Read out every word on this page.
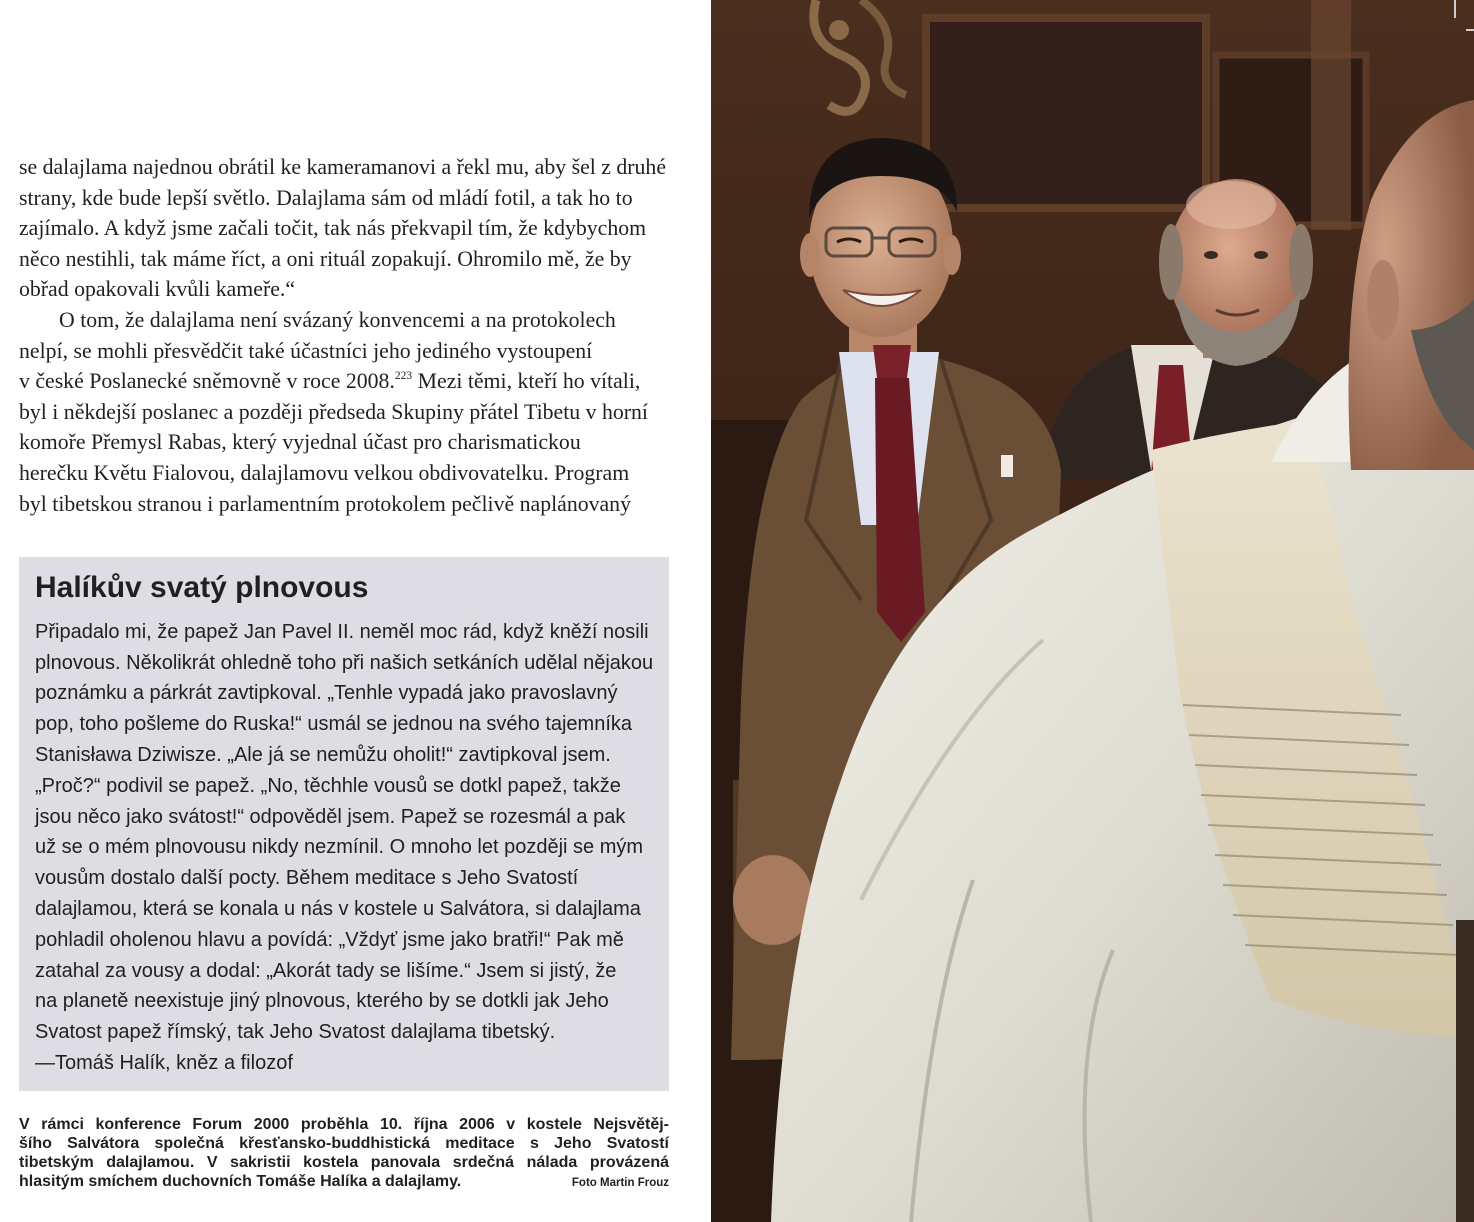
se dalajlama najednou obrátil ke kameramanovi a řekl mu, aby šel z druhé
strany, kde bude lepší světlo. Dalajlama sám od mládí fotil, a tak ho to
zajímalo. A když jsme začali točit, tak nás překvapil tím, že kdybychom
něco nestihli, tak máme říct, a oni rituál zopakují. Ohromilo mě, že by
obřad opakovali kvůli kameře.“
O tom, že dalajlama není svázaný konvencemi a na protokolech
nelpí, se mohli přesvědčit také účastníci jeho jediného vystoupení
v české Poslanecké sněmovně v roce 2008.$^{223}$ Mezi těmi, kteří ho vítali,
byl i někdejší poslanec a později předseda Skupiny přátel Tibetu v horní
komoře Přemysl Rabas, který vyjednal účast pro charismatickou
herečku Květu Fialovou, dalajlamovu velkou obdivovatelku. Program
byl tibetskou stranou i parlamentním protokolem pečlivě naplánovaný
Halíkův svatý plnovous
Připadalo mi, že papež Jan Pavel II. neměl moc rád, když kněží nosili
plnovous. Několikrát ohledně toho při našich setkáních udělal nějakou
poznámku a párkrát zavtipkoval. „Tenhle vypadá jako pravoslavný
pop, toho pošleme do Ruska!“ usmál se jednou na svého tajemníka
Stanisława Dziwisze. „Ale já se nemůžu oholit!“ zavtipkoval jsem.
„Proč?“ podivil se papež. „No, těchhle vousů se dotkl papež, takže
jsou něco jako svátost!“ odpověděl jsem. Papež se rozesmál a pak
už se o mém plnovousu nikdy nezmínil. O mnoho let později se mým
vousům dostalo další pocty. Během meditace s Jeho Svatostí
dalajlamou, která se konala u nás v kostele u Salvátora, si dalajlama
pohladil oholenou hlavu a povídá: „Vždyť jsme jako bratři!“ Pak mě
zatahal za vousy a dodal: „Akorát tady se lišíme.“ Jsem si jistý, že
na planetě neexistuje jiný plnovous, kterého by se dotkli jak Jeho
Svatost papež římský, tak Jeho Svatost dalajlama tibetský.
—Tomáš Halík, kněz a filozof
V rámci konference Forum 2000 proběhla 10. října 2006 v kostele Nejsvětěj-
šího Salvátora společná křesťansko-buddhistická meditace s Jeho Svatostí
tibetským dalajlamou. V sakristii kostela panovala srdečná nálada provázená
hlasitým smíchem duchovních Tomáše Halíka a dalajlamy.	Foto Martin Frouz
